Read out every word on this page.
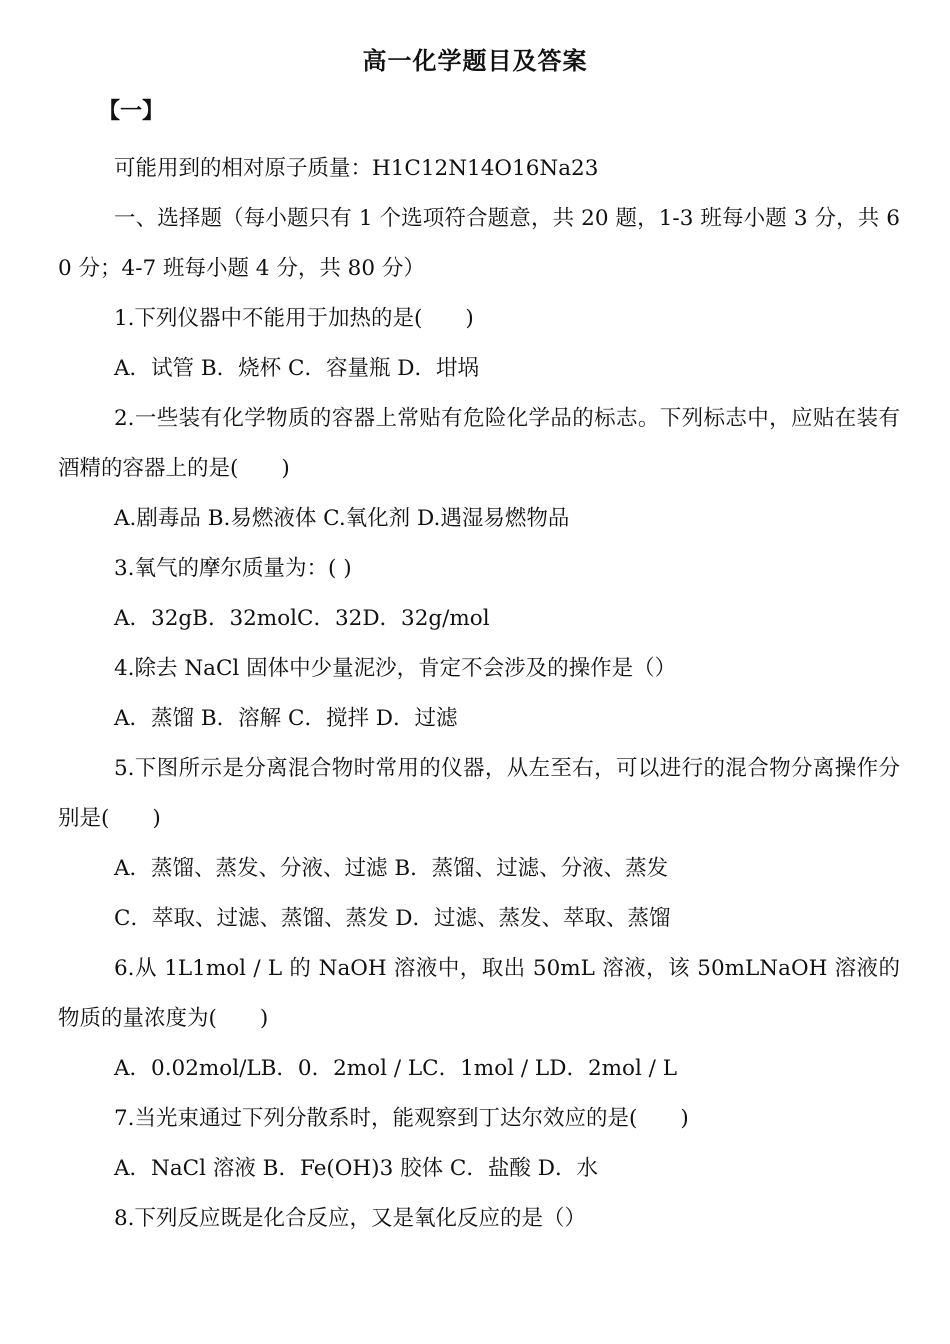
高一化学题目及答案
【一】

可能用到的相对原子质量：H1C12N14O16Na23

一、选择题（每小题只有 1 个选项符合题意，共 20 题，1-3 班每小题 3 分，共 60 分；4-7 班每小题 4 分，共 80 分）

1.下列仪器中不能用于加热的是(　　)

A．试管 B．烧杯 C．容量瓶 D．坩埚

2.一些装有化学物质的容器上常贴有危险化学品的标志。下列标志中，应贴在装有酒精的容器上的是(　　)

A.剧毒品 B.易燃液体 C.氧化剂 D.遇湿易燃物品

3.氧气的摩尔质量为：( )

A．32gB．32molC．32D．32g/mol

4.除去 NaCl 固体中少量泥沙，肯定不会涉及的操作是（）

A．蒸馏 B．溶解 C．搅拌 D．过滤

5.下图所示是分离混合物时常用的仪器，从左至右，可以进行的混合物分离操作分别是(　　)

A．蒸馏、蒸发、分液、过滤 B．蒸馏、过滤、分液、蒸发

C．萃取、过滤、蒸馏、蒸发 D．过滤、蒸发、萃取、蒸馏

6.从 1L1mol / L 的 NaOH 溶液中，取出 50mL 溶液，该 50mLNaOH 溶液的物质的量浓度为(　　)

A．0.02mol/LB．0．2mol / LC．1mol / LD．2mol / L

7.当光束通过下列分散系时，能观察到丁达尔效应的是(　　)

A．NaCl 溶液 B．Fe(OH)3 胶体 C．盐酸 D．水

8.下列反应既是化合反应，又是氧化反应的是（）
